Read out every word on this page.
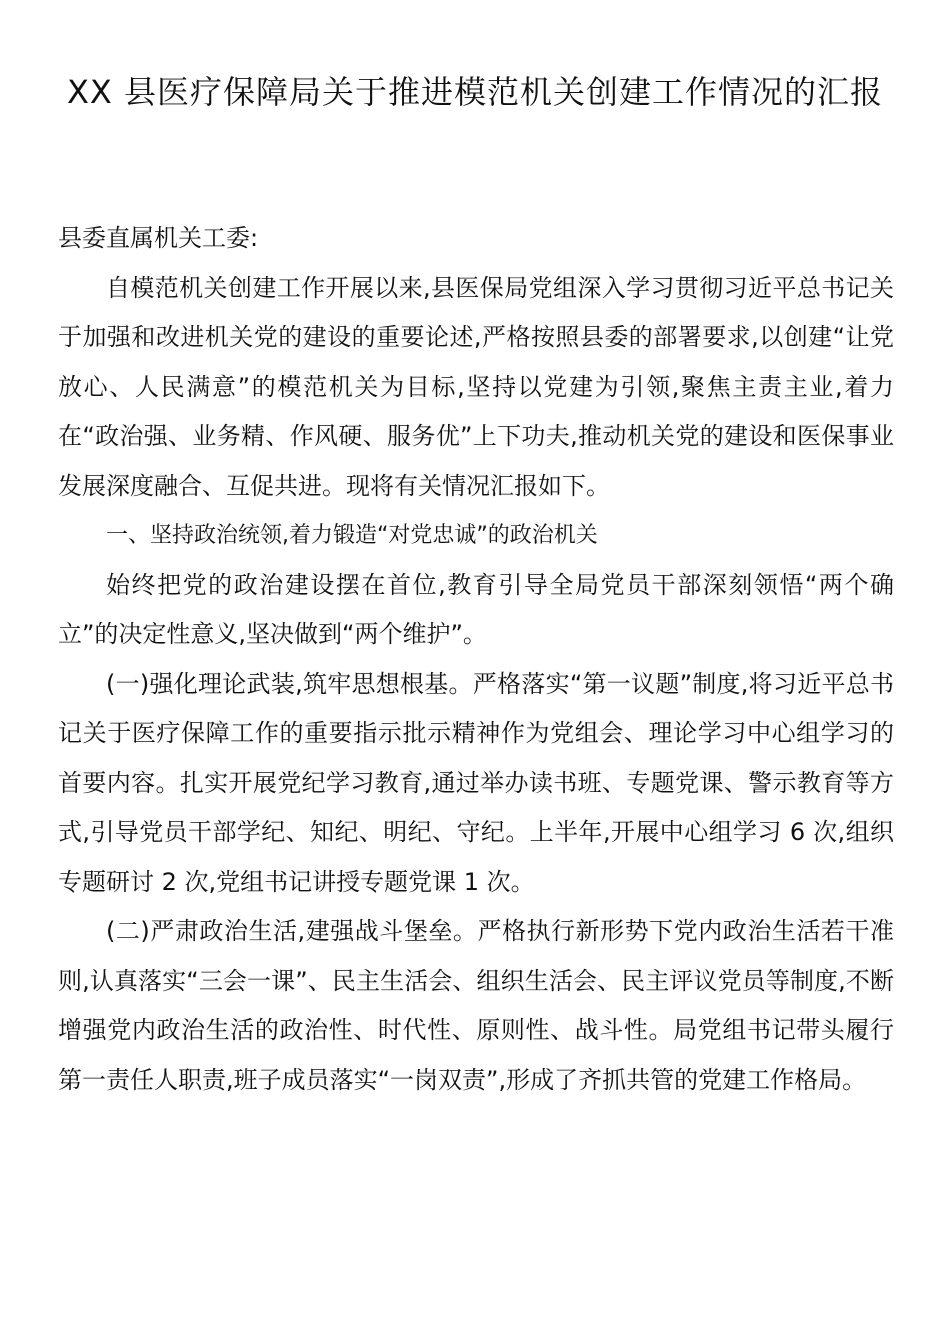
XX 县医疗保障局关于推进模范机关创建工作情况的汇报

县委直属机关工委:

自模范机关创建工作开展以来,县医保局党组深入学习贯彻习近平总书记关于加强和改进机关党的建设的重要论述,严格按照县委的部署要求,以创建“让党放心、人民满意”的模范机关为目标,坚持以党建为引领,聚焦主责主业,着力在“政治强、业务精、作风硬、服务优”上下功夫,推动机关党的建设和医保事业发展深度融合、互促共进。现将有关情况汇报如下。

一、坚持政治统领,着力锻造“对党忠诚”的政治机关

始终把党的政治建设摆在首位,教育引导全局党员干部深刻领悟“两个确立”的决定性意义,坚决做到“两个维护”。

(一)强化理论武装,筑牢思想根基。严格落实“第一议题”制度,将习近平总书记关于医疗保障工作的重要指示批示精神作为党组会、理论学习中心组学习的首要内容。扎实开展党纪学习教育,通过举办读书班、专题党课、警示教育等方式,引导党员干部学纪、知纪、明纪、守纪。上半年,开展中心组学习 6 次,组织专题研讨 2 次,党组书记讲授专题党课 1 次。

(二)严肃政治生活,建强战斗堡垒。严格执行新形势下党内政治生活若干准则,认真落实“三会一课”、民主生活会、组织生活会、民主评议党员等制度,不断增强党内政治生活的政治性、时代性、原则性、战斗性。局党组书记带头履行第一责任人职责,班子成员落实“一岗双责”,形成了齐抓共管的党建工作格局。
